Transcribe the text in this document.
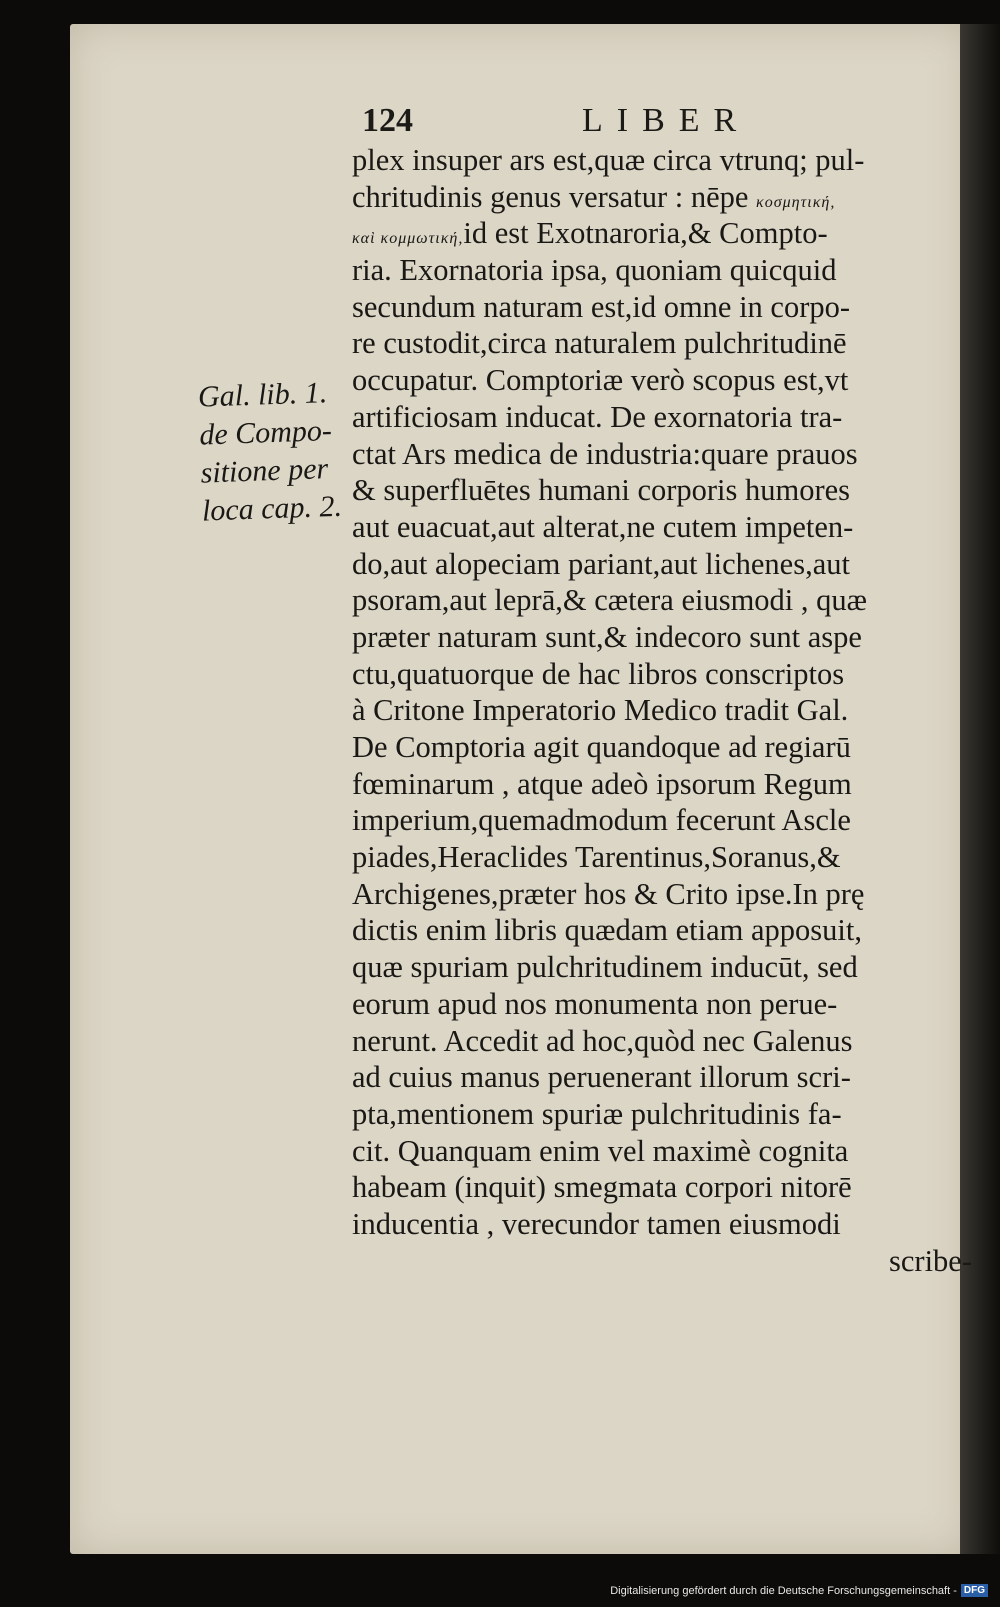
124	LIBER
Gal. lib. 1.
de Compo-
sitione per
loca cap. 2.
plex insuper ars est,quæ circa vtrunq; pul-
chritudinis genus versatur : nēpe κοσμητική,
καὶ κομμωτική,id est Exotnaroria,& Compto-
ria. Exornatoria ipsa, quoniam quicquid
secundum naturam est,id omne in corpo-
re custodit,circa naturalem pulchritudinē
occupatur. Comptoriæ verò scopus est,vt
artificiosam inducat. De exornatoria tra-
ctat Ars medica de industria:quare prauos
& superfluētes humani corporis humores
aut euacuat,aut alterat,ne cutem impeten-
do,aut alopeciam pariant,aut lichenes,aut
psoram,aut leprā,& cætera eiusmodi , quæ
præter naturam sunt,& indecoro sunt aspe
ctu,quatuorque de hac libros conscriptos
à Critone Imperatorio Medico tradit Gal.
De Comptoria agit quandoque ad regiarū
fœminarum , atque adeò ipsorum Regum
imperium,quemadmodum fecerunt Ascle
piades,Heraclides Tarentinus,Soranus,&
Archigenes,præter hos & Crito ipse.In prę
dictis enim libris quædam etiam apposuit,
quæ spuriam pulchritudinem inducūt, sed
eorum apud nos monumenta non perue-
nerunt. Accedit ad hoc,quòd nec Galenus
ad cuius manus peruenerant illorum scri-
pta,mentionem spuriæ pulchritudinis fa-
cit. Quanquam enim vel maximè cognita
habeam (inquit) smegmata corpori nitorē
inducentia , verecundor tamen eiusmodi
scribe-
Digitalisierung gefördert durch die Deutsche Forschungsgemeinschaft - DFG
